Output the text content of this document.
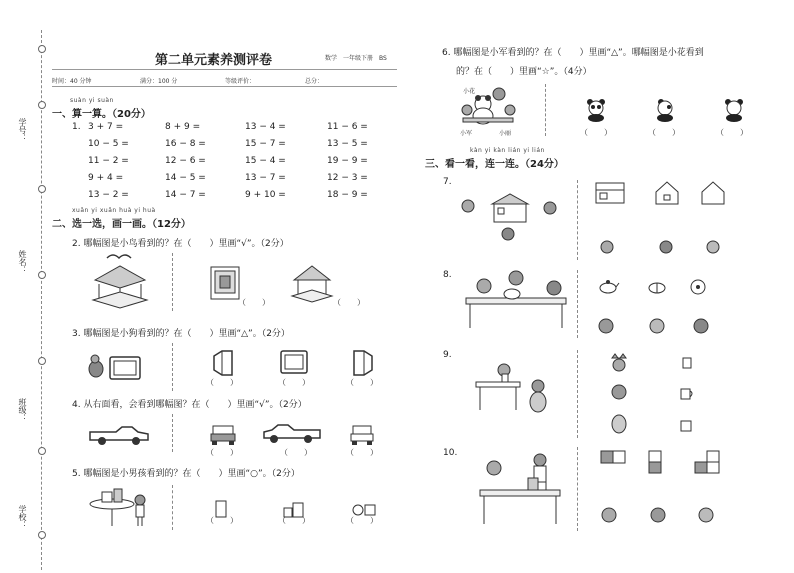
学号：
姓名：
班级：
学校：
第二单元素养测评卷	数学　一年级下册　BS
时间：40 分钟	满分：100 分	等级评价：	总分：
suàn yi suàn
一、算一算。（20分）
1. 3 + 7 =	8 + 9 =	13 − 4 =	11 − 6 =
10 − 5 =	16 − 8 =	15 − 7 =	13 − 5 =
11 − 2 =	12 − 6 =	15 − 4 =	19 − 9 =
9 + 4 =	14 − 5 =	13 − 7 =	12 − 3 =
13 − 2 =	14 − 7 =	9 + 10 =	18 − 9 =
xuǎn yi xuǎn huà yi huà
二、选一选，画一画。（12分）
2. 哪幅图是小鸟看到的？在（　　）里画“√”。（2分）
（　　）	（　　）
3. 哪幅图是小狗看到的？在（　　）里画“△”。（2分）
（　　）	（　　）	（　　）
4. 从右面看，会看到哪幅图？在（　　）里画“√”。（2分）
（　　）	（　　）	（　　）
5. 哪幅图是小男孩看到的？在（　　）里画“○”。（2分）
（　　）	（　　）	（　　）
6. 哪幅图是小军看到的？在（　　）里画“△”。哪幅图是小花看到
的？在（　　）里画“☆”。（4分）
小花
小军	小丽	（　　）	（　　）	（　　）
kàn yi kàn lián yi lián
三、看一看，连一连。（24分）
7.
8.
9.
10.
